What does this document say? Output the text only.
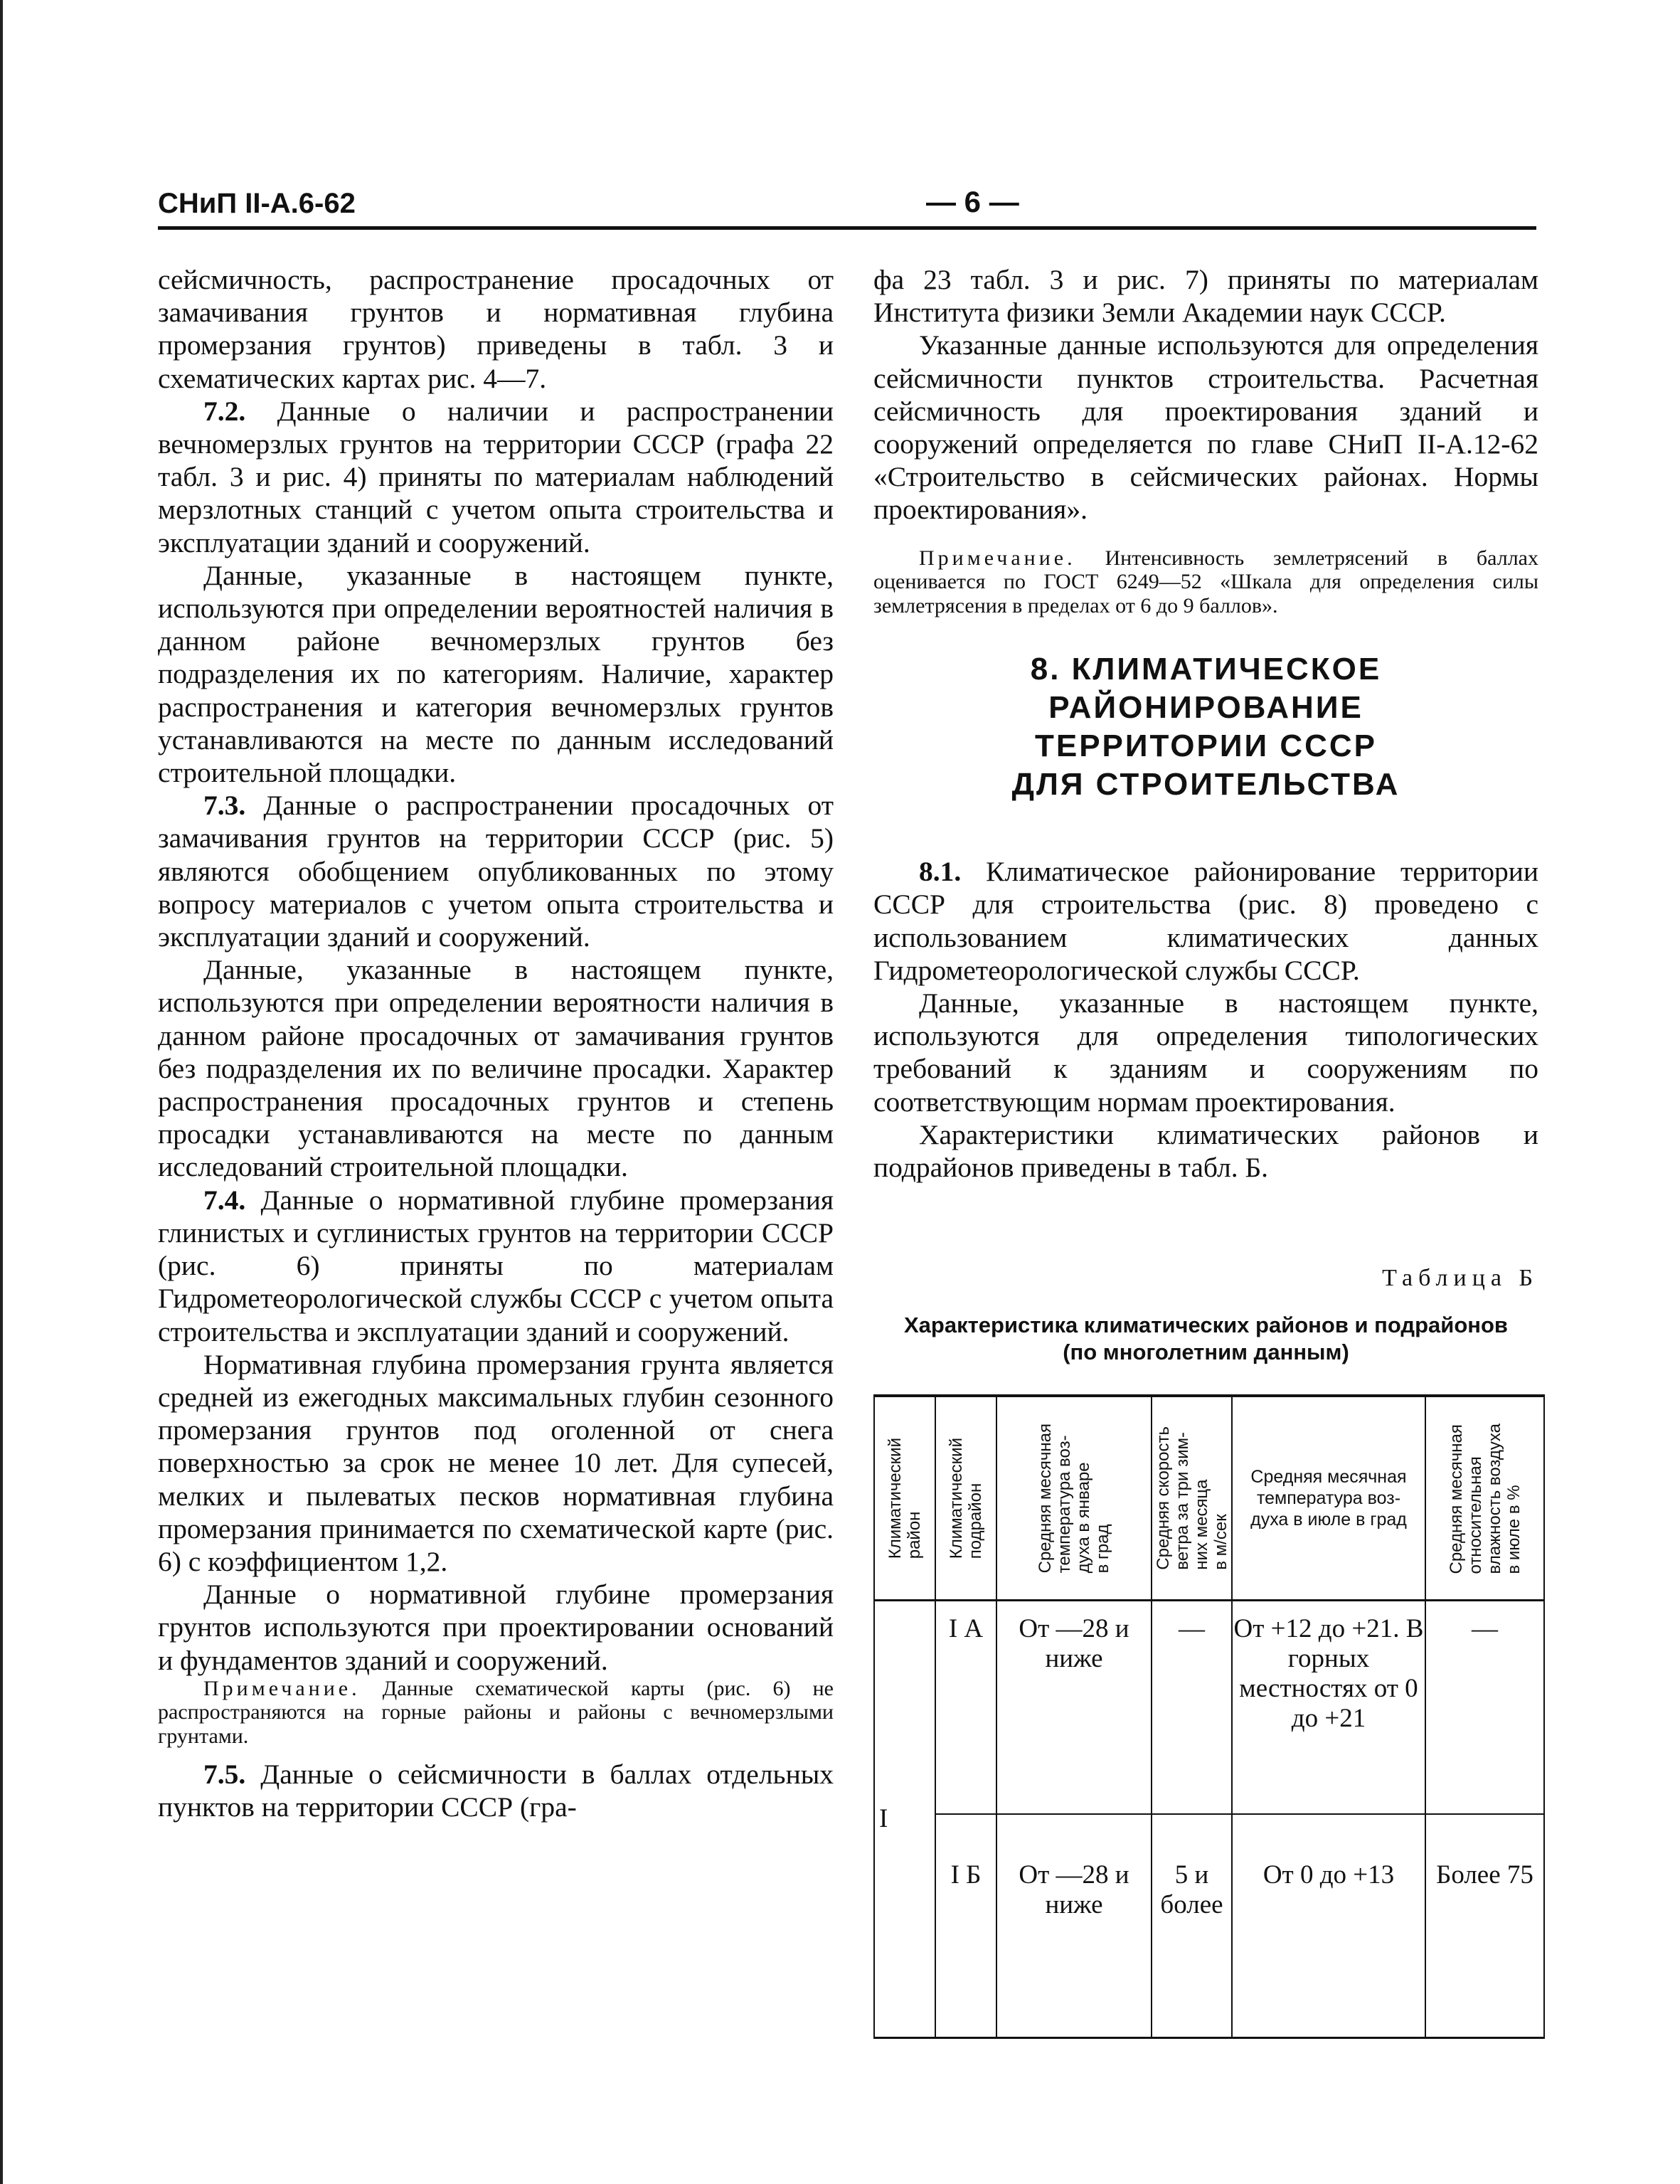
СНиП II-А.6-62	— 6 —

сейсмичность, распространение просадочных от замачивания грунтов и нормативная глубина промерзания грунтов) приведены в табл. 3 и схематических картах рис. 4—7.

7.2. Данные о наличии и распространении вечномерзлых грунтов на территории СССР (графа 22 табл. 3 и рис. 4) приняты по материалам наблюдений мерзлотных станций с учетом опыта строительства и эксплуатации зданий и сооружений.

Данные, указанные в настоящем пункте, используются при определении вероятностей наличия в данном районе вечномерзлых грунтов без подразделения их по категориям. Наличие, характер распространения и категория вечномерзлых грунтов устанавливаются на месте по данным исследований строительной площадки.

7.3. Данные о распространении просадочных от замачивания грунтов на территории СССР (рис. 5) являются обобщением опубликованных по этому вопросу материалов с учетом опыта строительства и эксплуатации зданий и сооружений.

Данные, указанные в настоящем пункте, используются при определении вероятности наличия в данном районе просадочных от замачивания грунтов без подразделения их по величине просадки. Характер распространения просадочных грунтов и степень просадки устанавливаются на месте по данным исследований строительной площадки.

7.4. Данные о нормативной глубине промерзания глинистых и суглинистых грунтов на территории СССР (рис. 6) приняты по материалам Гидрометеорологической службы СССР с учетом опыта строительства и эксплуатации зданий и сооружений.

Нормативная глубина промерзания грунта является средней из ежегодных максимальных глубин сезонного промерзания грунтов под оголенной от снега поверхностью за срок не менее 10 лет. Для супесей, мелких и пылеватых песков нормативная глубина промерзания принимается по схематической карте (рис. 6) с коэффициентом 1,2.

Данные о нормативной глубине промерзания грунтов используются при проектировании оснований и фундаментов зданий и сооружений.

Примечание. Данные схематической карты (рис. 6) не распространяются на горные районы и районы с вечномерзлыми грунтами.

7.5. Данные о сейсмичности в баллах отдельных пунктов на территории СССР (гра-

фа 23 табл. 3 и рис. 7) приняты по материалам Института физики Земли Академии наук СССР.

Указанные данные используются для определения сейсмичности пунктов строительства. Расчетная сейсмичность для проектирования зданий и сооружений определяется по главе СНиП II-А.12-62 «Строительство в сейсмических районах. Нормы проектирования».

Примечание. Интенсивность землетрясений в баллах оценивается по ГОСТ 6249—52 «Шкала для определения силы землетрясения в пределах от 6 до 9 баллов».

8. КЛИМАТИЧЕСКОЕ РАЙОНИРОВАНИЕ
ТЕРРИТОРИИ СССР
ДЛЯ СТРОИТЕЛЬСТВА

8.1. Климатическое районирование территории СССР для строительства (рис. 8) проведено с использованием климатических данных Гидрометеорологической службы СССР.

Данные, указанные в настоящем пункте, используются для определения типологических требований к зданиям и сооружениям по соответствующим нормам проектирования.

Характеристики климатических районов и подрайонов приведены в табл. Б.

Таблица Б
Характеристика климатических районов и подрайонов
(по многолетним данным)
Климатический
район	Климатический
подрайон	Средняя месячная
температура воз-
духа в январе
в град	Средняя скорость
ветра за три зим-
них месяца
в м/сек	Средняя месячная
температура воз-
духа в июле в град	Средняя месячная
относительная
влажность воздуха
в июле в %

I	I А	От —28 и ниже	—	От +12 до +21. В горных местностях от 0 до +21	—
	I Б	От —28 и ниже	5 и более	От 0 до +13	Более 75
